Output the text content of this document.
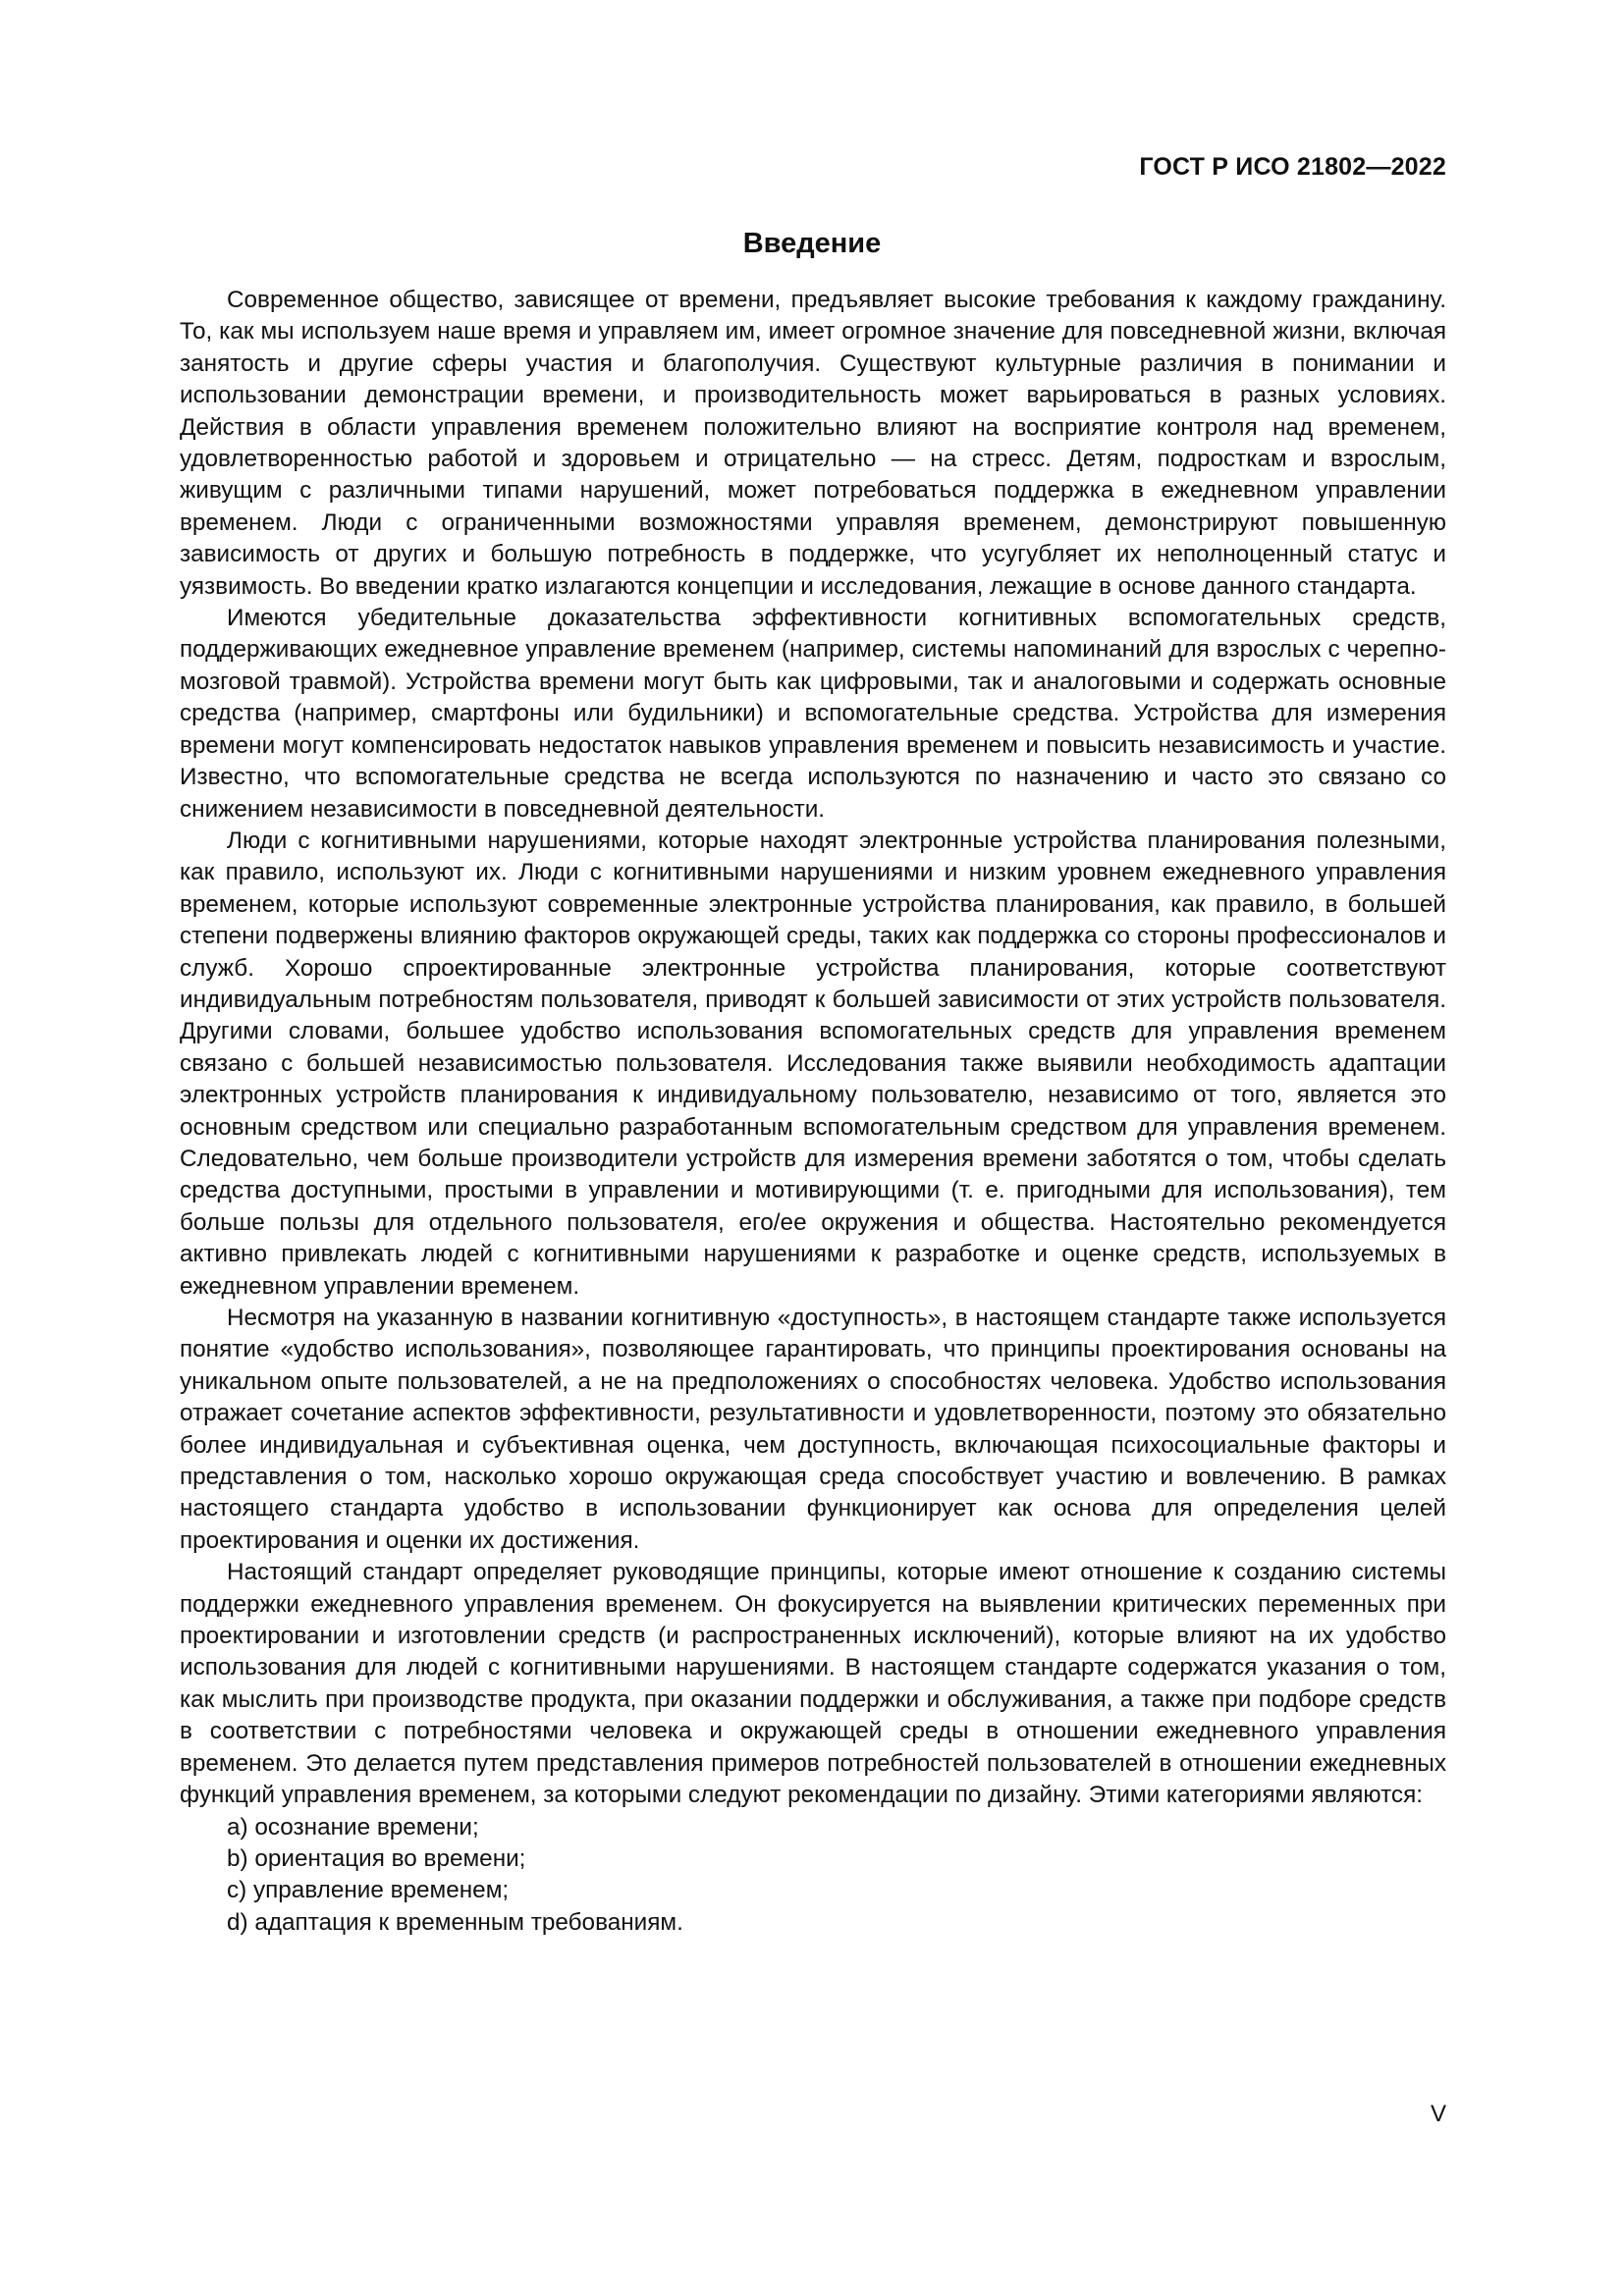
ГОСТ Р ИСО 21802—2022
Введение

Современное общество, зависящее от времени, предъявляет высокие требования к каждому гражданину. То, как мы используем наше время и управляем им, имеет огромное значение для повседневной жизни, включая занятость и другие сферы участия и благополучия. Существуют культурные различия в понимании и использовании демонстрации времени, и производительность может варьироваться в разных условиях. Действия в области управления временем положительно влияют на восприятие контроля над временем, удовлетворенностью работой и здоровьем и отрицательно — на стресс. Детям, подросткам и взрослым, живущим с различными типами нарушений, может потребоваться поддержка в ежедневном управлении временем. Люди с ограниченными возможностями управляя временем, демонстрируют повышенную зависимость от других и большую потребность в поддержке, что усугубляет их неполноценный статус и уязвимость. Во введении кратко излагаются концепции и исследования, лежащие в основе данного стандарта.

Имеются убедительные доказательства эффективности когнитивных вспомогательных средств, поддерживающих ежедневное управление временем (например, системы напоминаний для взрослых с черепно-мозговой травмой). Устройства времени могут быть как цифровыми, так и аналоговыми и содержать основные средства (например, смартфоны или будильники) и вспомогательные средства. Устройства для измерения времени могут компенсировать недостаток навыков управления временем и повысить независимость и участие. Известно, что вспомогательные средства не всегда используются по назначению и часто это связано со снижением независимости в повседневной деятельности.

Люди с когнитивными нарушениями, которые находят электронные устройства планирования полезными, как правило, используют их. Люди с когнитивными нарушениями и низким уровнем ежедневного управления временем, которые используют современные электронные устройства планирования, как правило, в большей степени подвержены влиянию факторов окружающей среды, таких как поддержка со стороны профессионалов и служб. Хорошо спроектированные электронные устройства планирования, которые соответствуют индивидуальным потребностям пользователя, приводят к большей зависимости от этих устройств пользователя. Другими словами, большее удобство использования вспомогательных средств для управления временем связано с большей независимостью пользователя. Исследования также выявили необходимость адаптации электронных устройств планирования к индивидуальному пользователю, независимо от того, является это основным средством или специально разработанным вспомогательным средством для управления временем. Следовательно, чем больше производители устройств для измерения времени заботятся о том, чтобы сделать средства доступными, простыми в управлении и мотивирующими (т. е. пригодными для использования), тем больше пользы для отдельного пользователя, его/ее окружения и общества. Настоятельно рекомендуется активно привлекать людей с когнитивными нарушениями к разработке и оценке средств, используемых в ежедневном управлении временем.

Несмотря на указанную в названии когнитивную «доступность», в настоящем стандарте также используется понятие «удобство использования», позволяющее гарантировать, что принципы проектирования основаны на уникальном опыте пользователей, а не на предположениях о способностях человека. Удобство использования отражает сочетание аспектов эффективности, результативности и удовлетворенности, поэтому это обязательно более индивидуальная и субъективная оценка, чем доступность, включающая психосоциальные факторы и представления о том, насколько хорошо окружающая среда способствует участию и вовлечению. В рамках настоящего стандарта удобство в использовании функционирует как основа для определения целей проектирования и оценки их достижения.

Настоящий стандарт определяет руководящие принципы, которые имеют отношение к созданию системы поддержки ежедневного управления временем. Он фокусируется на выявлении критических переменных при проектировании и изготовлении средств (и распространенных исключений), которые влияют на их удобство использования для людей с когнитивными нарушениями. В настоящем стандарте содержатся указания о том, как мыслить при производстве продукта, при оказании поддержки и обслуживания, а также при подборе средств в соответствии с потребностями человека и окружающей среды в отношении ежедневного управления временем. Это делается путем представления примеров потребностей пользователей в отношении ежедневных функций управления временем, за которыми следуют рекомендации по дизайну. Этими категориями являются:

a) осознание времени;
b) ориентация во времени;
c) управление временем;
d) адаптация к временным требованиям.
V
